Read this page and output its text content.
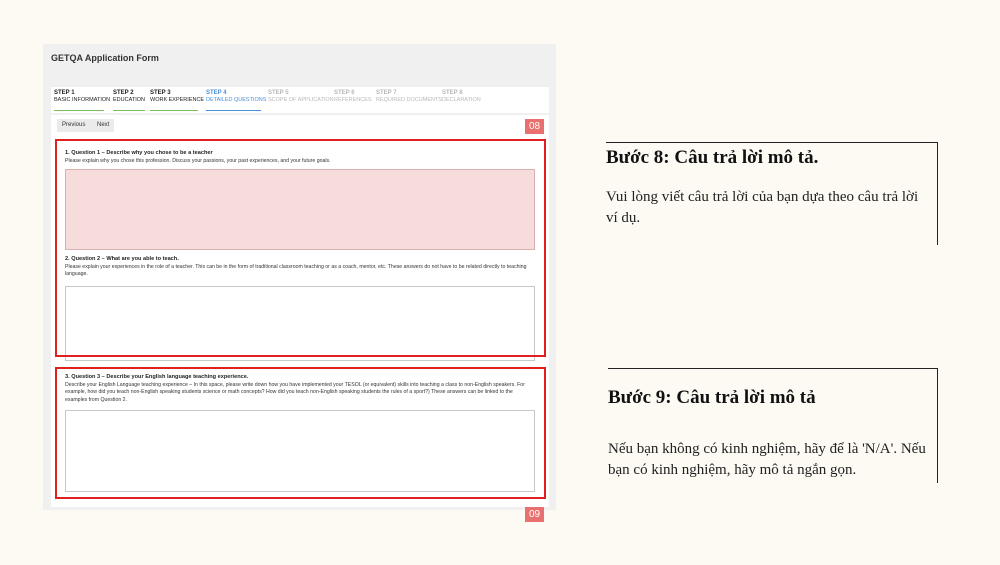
GETQA Application Form
STEP 1
BASIC INFORMATION
STEP 2
EDUCATION
STEP 3
WORK EXPERIENCE
STEP 4
DETAILED QUESTIONS
STEP 5
SCOPE OF APPLICATION
STEP 6
REFERENCES
STEP 7
REQUIRED DOCUMENTS
STEP 8
DECLARATION
Previous Next
1. Question 1 – Describe why you chose to be a teacher
Please explain why you chose this profession. Discuss your passions, your past experiences, and your future goals.
2. Question 2 – What are you able to teach.
Please explain your experiences in the role of a teacher. This can be in the form of traditional classroom teaching or as a coach, mentor, etc. These answers do not have to be related directly to teaching language.
3. Question 3 – Describe your English language teaching experience.
Describe your English Language teaching experience – In this space, please write down how you have implemented your TESOL (or equivalent) skills into teaching a class to non-English speakers. For example, how did you teach non-English speaking students science or math concepts? How did you teach non-English speaking students the rules of a sport?) These answers can be linked to the examples from Question 2.
08
09
Bước 8: Câu trả lời mô tả.
Vui lòng viết câu trả lời của bạn dựa theo câu trả lời ví dụ.
Bước 9: Câu trả lời mô tả
Nếu bạn không có kinh nghiệm, hãy để là 'N/A'. Nếu bạn có kinh nghiệm, hãy mô tả ngắn gọn.
